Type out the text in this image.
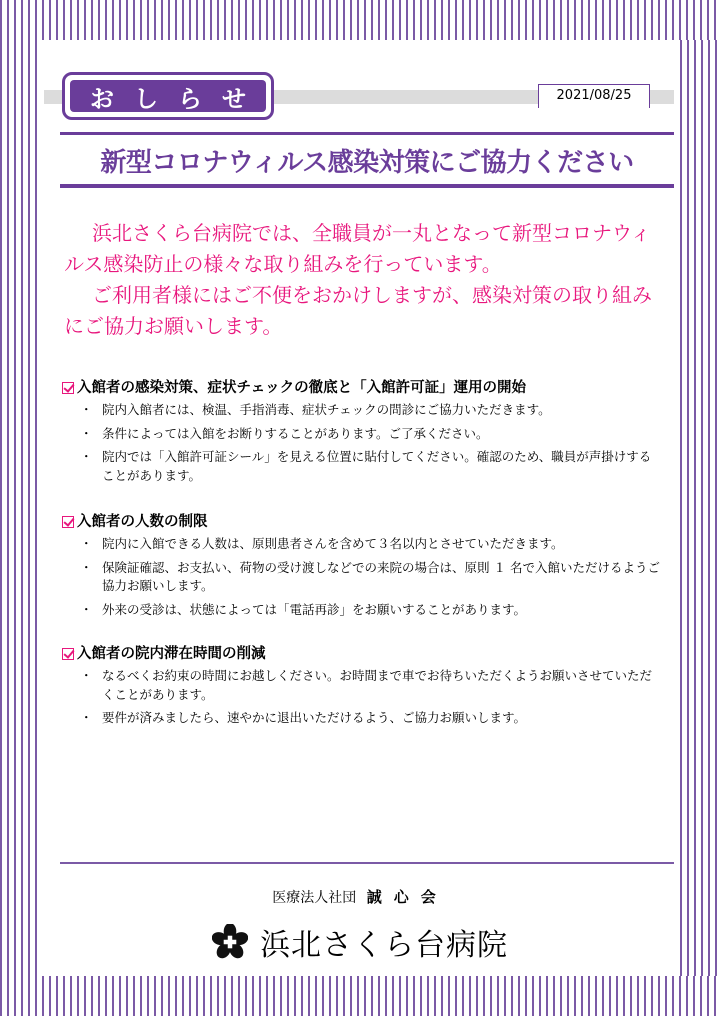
お し ら せ	2021/08/25
新型コロナウィルス感染対策にご協力ください

浜北さくら台病院では、全職員が一丸となって新型コロナウィルス感染防止の様々な取り組みを行っています。

ご利用者様にはご不便をおかけしますが、感染対策の取り組みにご協力お願いします。

入館者の感染対策、症状チェックの徹底と「入館許可証」運用の開始
・ 院内入館者には、検温、手指消毒、症状チェックの問診にご協力いただきます。
・ 条件によっては入館をお断りすることがあります。ご了承ください。
・ 院内では「入館許可証シール」を見える位置に貼付してください。確認のため、職員が声掛けすることがあります。
入館者の人数の制限
・ 院内に入館できる人数は、原則患者さんを含めて３名以内とさせていただきます。
・ 保険証確認、お支払い、荷物の受け渡しなどでの来院の場合は、原則 １ 名で入館いただけるようご協力お願いします。
・ 外来の受診は、状態によっては「電話再診」をお願いすることがあります。
入館者の院内滞在時間の削減
・ なるべくお約束の時間にお越しください。お時間まで車でお待ちいただくようお願いさせていただくことがあります。
・ 要件が済みましたら、速やかに退出いただけるよう、ご協力お願いします。
医療法人社団 誠心会
浜北さくら台病院
